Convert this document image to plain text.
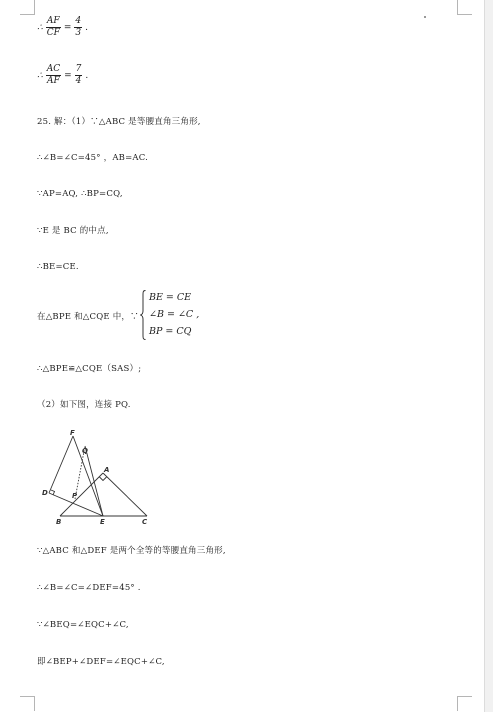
∴ $\frac{AF}{CF} = \frac{4}{3}$ .
∴ $\frac{AC}{AF} = \frac{7}{4}$ .
25. 解：（1）∵△ABC 是等腰直角三角形,
∴∠B=∠C=45° ，AB=AC.
∵AP=AQ, ∴BP=CQ,
∵E 是 BC 的中点,
∴BE=CE.
在△BPE 和△CQE 中，∵
BE = CE
∠B = ∠C ,
BP = CQ
∴△BPE≌△CQE（SAS）;
（2）如下图，连接 PQ.
F
Q
A
D	P
B	E	C
∵△ABC 和△DEF 是两个全等的等腰直角三角形,
∴∠B=∠C=∠DEF=45° .
∵∠BEQ=∠EQC+∠C,
即∠BEP+∠DEF=∠EQC+∠C,
